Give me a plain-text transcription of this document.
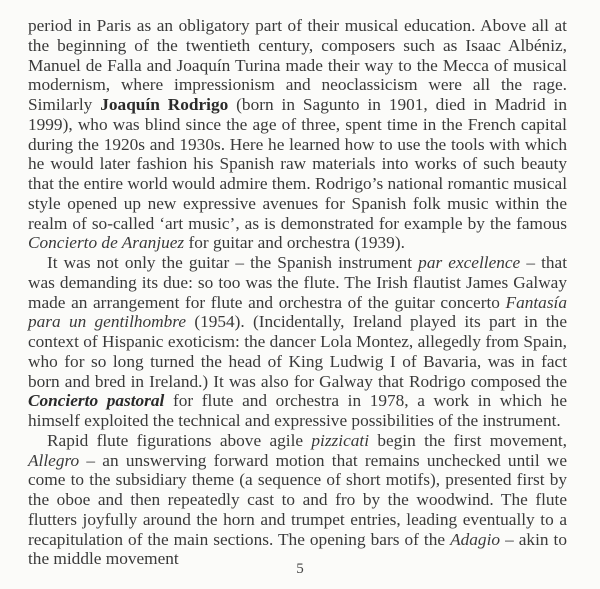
period in Paris as an obligatory part of their musical education. Above all at the beginning of the twentieth century, composers such as Isaac Albéniz, Manuel de Falla and Joaquín Turina made their way to the Mecca of musical modernism, where impressionism and neoclassicism were all the rage. Similarly Joaquín Rodrigo (born in Sagunto in 1901, died in Madrid in 1999), who was blind since the age of three, spent time in the French capital during the 1920s and 1930s. Here he learned how to use the tools with which he would later fashion his Spanish raw materials into works of such beauty that the entire world would admire them. Rodrigo’s national romantic musical style opened up new expressive avenues for Spanish folk music within the realm of so-called ‘art music’, as is demonstrated for example by the famous Concierto de Aranjuez for guitar and orchestra (1939).

It was not only the guitar – the Spanish instrument par excellence – that was demanding its due: so too was the flute. The Irish flautist James Galway made an arrangement for flute and orchestra of the guitar concerto Fantasía para un gentilhombre (1954). (Incidentally, Ireland played its part in the context of Hispanic exoticism: the dancer Lola Montez, allegedly from Spain, who for so long turned the head of King Ludwig I of Bavaria, was in fact born and bred in Ireland.) It was also for Galway that Rodrigo composed the Concierto pastoral for flute and orchestra in 1978, a work in which he himself exploited the technical and expressive possibilities of the instrument.

Rapid flute figurations above agile pizzicati begin the first movement, Allegro – an unswerving forward motion that remains unchecked until we come to the subsidiary theme (a sequence of short motifs), presented first by the oboe and then repeatedly cast to and fro by the woodwind. The flute flutters joyfully around the horn and trumpet entries, leading eventually to a recapitulation of the main sections. The opening bars of the Adagio – akin to the middle movement

5
